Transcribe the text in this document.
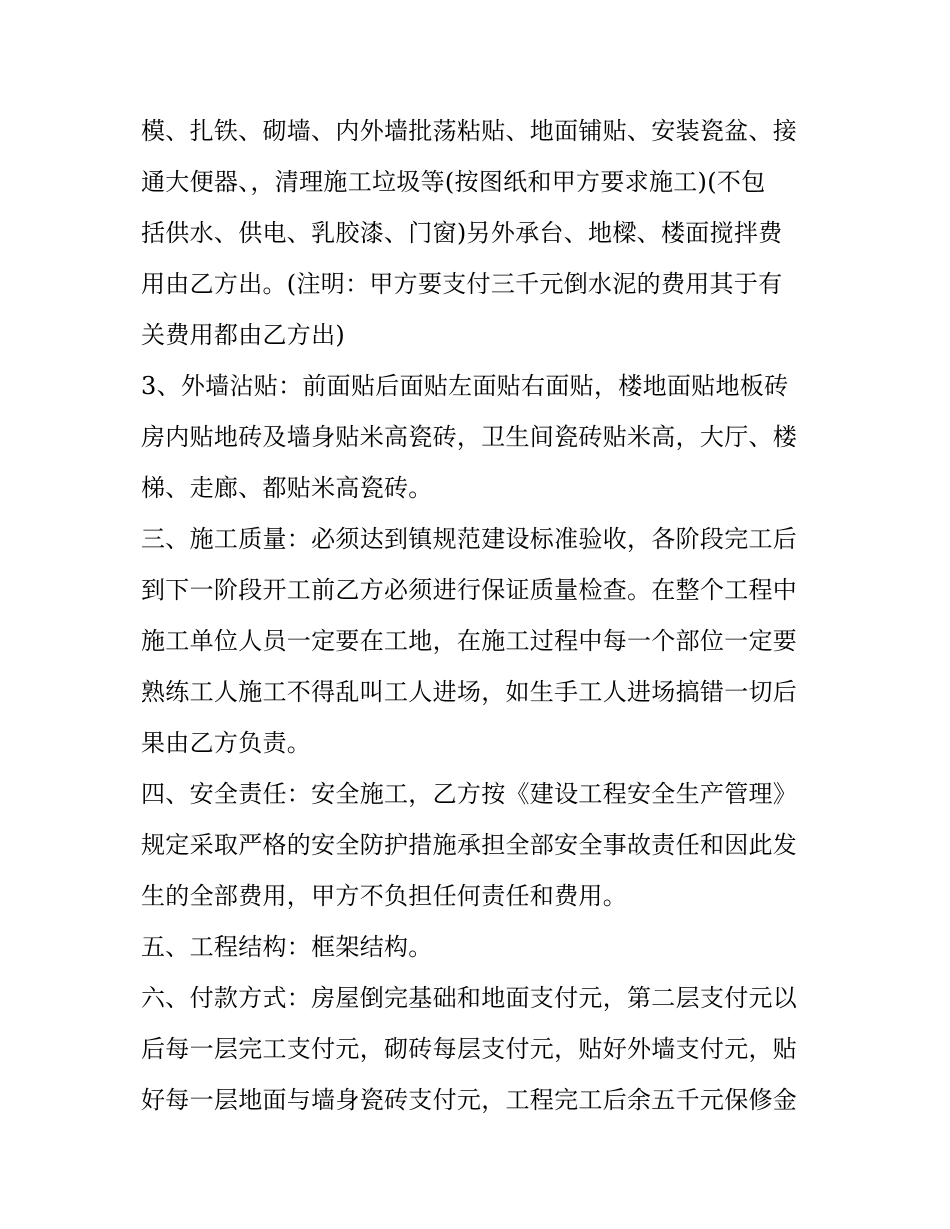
模、扎铁、砌墙、内外墙批荡粘贴、地面铺贴、安装瓷盆、接
通大便器、，清理施工垃圾等(按图纸和甲方要求施工)(不包
括供水、供电、乳胶漆、门窗)另外承台、地樑、楼面搅拌费
用由乙方出。(注明：甲方要支付三千元倒水泥的费用其于有
关费用都由乙方出)
3、外墙沾贴：前面贴后面贴左面贴右面贴，楼地面贴地板砖
房内贴地砖及墙身贴米高瓷砖，卫生间瓷砖贴米高，大厅、楼
梯、走廊、都贴米高瓷砖。
三、施工质量：必须达到镇规范建设标准验收，各阶段完工后
到下一阶段开工前乙方必须进行保证质量检查。在整个工程中
施工单位人员一定要在工地，在施工过程中每一个部位一定要
熟练工人施工不得乱叫工人进场，如生手工人进场搞错一切后
果由乙方负责。
四、安全责任：安全施工，乙方按《建设工程安全生产管理》
规定采取严格的安全防护措施承担全部安全事故责任和因此发
生的全部费用，甲方不负担任何责任和费用。
五、工程结构：框架结构。
六、付款方式：房屋倒完基础和地面支付元，第二层支付元以
后每一层完工支付元，砌砖每层支付元，贴好外墙支付元，贴
好每一层地面与墙身瓷砖支付元，工程完工后余五千元保修金
